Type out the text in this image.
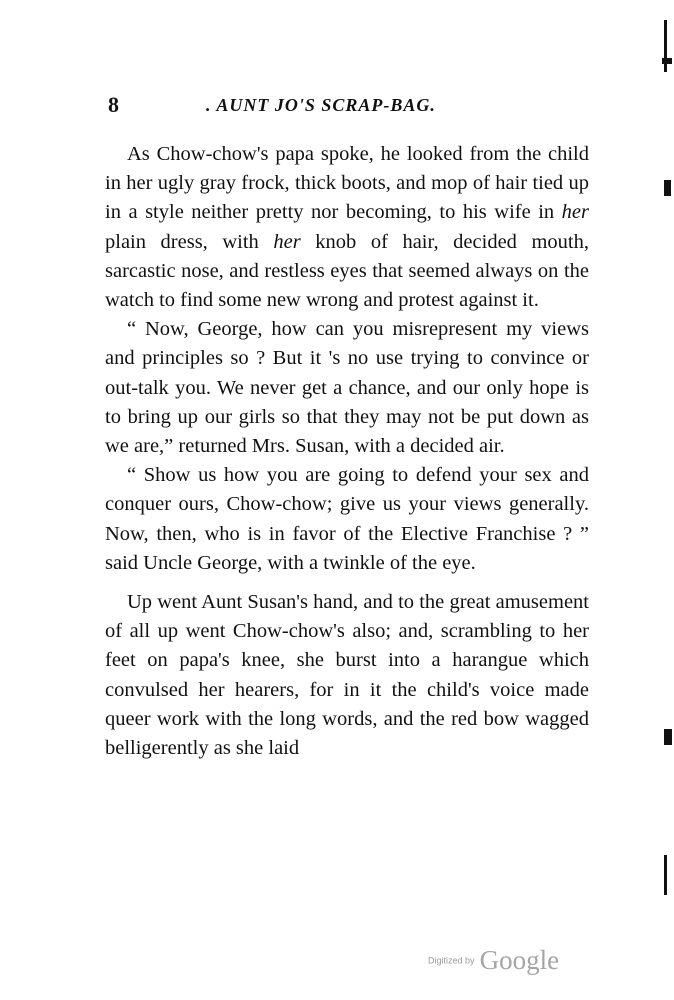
8	. AUNT JO'S SCRAP-BAG.

As Chow-chow's papa spoke, he looked from the child in her ugly gray frock, thick boots, and mop of hair tied up in a style neither pretty nor becoming, to his wife in her plain dress, with her knob of hair, decided mouth, sarcastic nose, and restless eyes that seemed always on the watch to find some new wrong and protest against it.

“ Now, George, how can you misrepresent my views and principles so ? But it 's no use trying to convince or out-talk you. We never get a chance, and our only hope is to bring up our girls so that they may not be put down as we are,” returned Mrs. Susan, with a decided air.

“ Show us how you are going to defend your sex and conquer ours, Chow-chow; give us your views generally. Now, then, who is in favor of the Elective Franchise ? ” said Uncle George, with a twinkle of the eye.

Up went Aunt Susan's hand, and to the great amusement of all up went Chow-chow's also; and, scrambling to her feet on papa's knee, she burst into a harangue which convulsed her hearers, for in it the child's voice made queer work with the long words, and the red bow wagged belligerently as she laid

Digitized by Google
